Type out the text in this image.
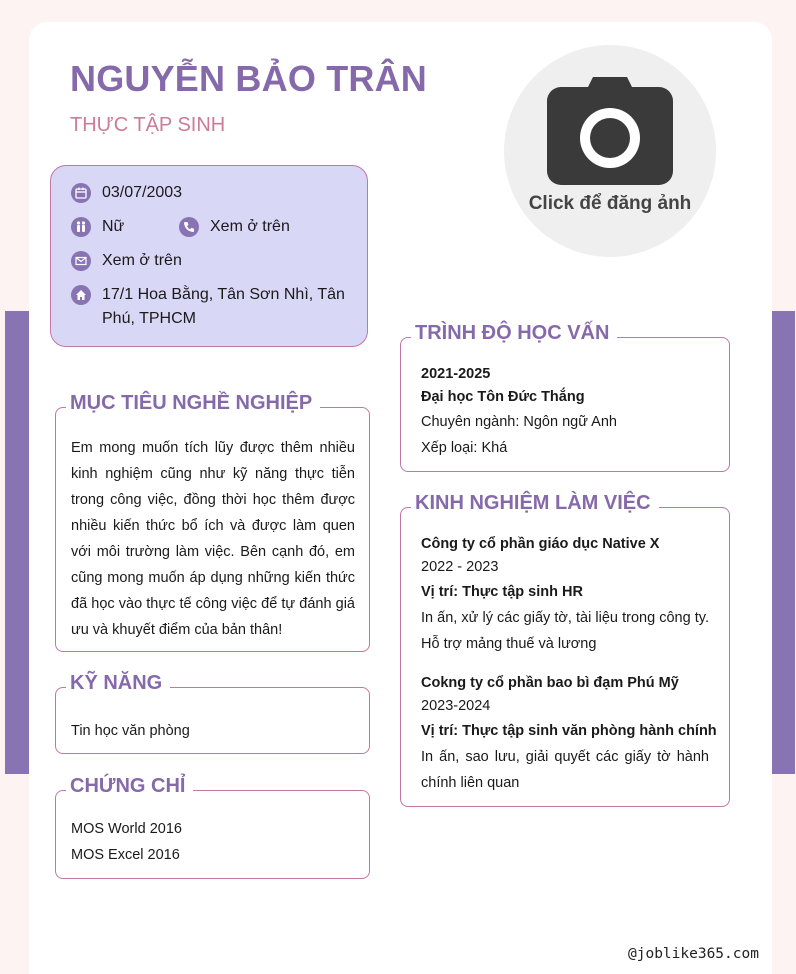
NGUYỄN BẢO TRÂN
THỰC TẬP SINH
Click để đăng ảnh
03/07/2003
Nữ	Xem ở trên
Xem ở trên
17/1 Hoa Bằng, Tân Sơn Nhì, Tân Phú, TPHCM
MỤC TIÊU NGHỀ NGHIỆP
Em mong muốn tích lũy được thêm nhiều kinh nghiệm cũng như kỹ năng thực tiễn trong công việc, đồng thời học thêm được nhiều kiến thức bổ ích và được làm quen với môi trường làm việc. Bên cạnh đó, em cũng mong muốn áp dụng những kiến thức đã học vào thực tế công việc để tự đánh giá ưu và khuyết điểm của bản thân!
KỸ NĂNG
Tin học văn phòng
CHỨNG CHỈ
MOS World 2016
MOS Excel 2016
TRÌNH ĐỘ HỌC VẤN
2021-2025
Đại học Tôn Đức Thắng
Chuyên ngành: Ngôn ngữ Anh
Xếp loại: Khá
KINH NGHIỆM LÀM VIỆC
Công ty cổ phần giáo dục Native X
2022 - 2023
Vị trí: Thực tập sinh HR
In ấn, xử lý các giấy tờ, tài liệu trong công ty. Hỗ trợ mảng thuế và lương
Cokng ty cổ phần bao bì đạm Phú Mỹ
2023-2024
Vị trí: Thực tập sinh văn phòng hành chính
In ấn, sao lưu, giải quyết các giấy tờ hành chính liên quan
@joblike365.com
